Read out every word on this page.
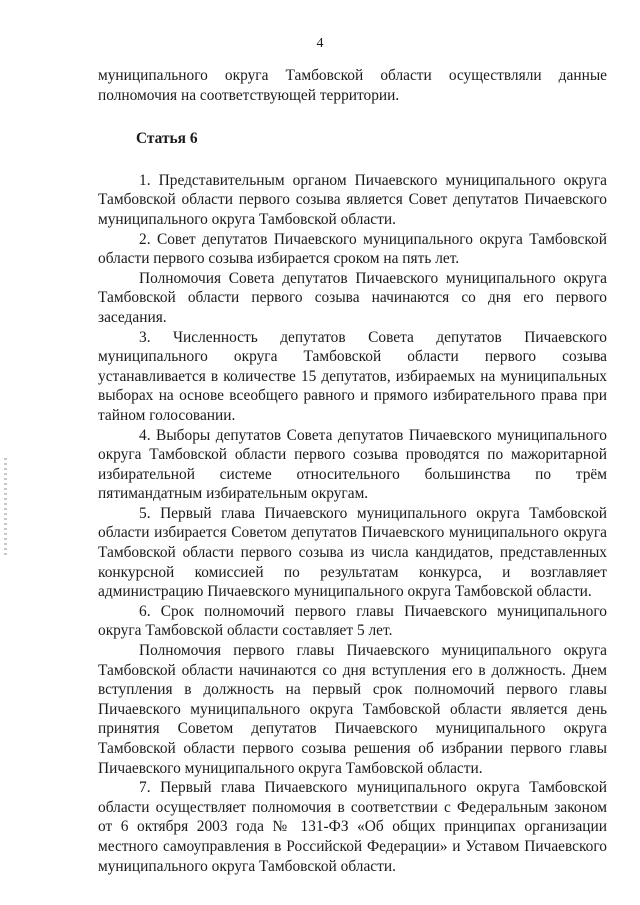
4

муниципального округа Тамбовской области осуществляли данные полномочия на соответствующей территории.

Статья 6

1. Представительным органом Пичаевского муниципального округа Тамбовской области первого созыва является Совет депутатов Пичаевского муниципального округа Тамбовской области.

2. Совет депутатов Пичаевского муниципального округа Тамбовской области первого созыва избирается сроком на пять лет.

Полномочия Совета депутатов Пичаевского муниципального округа Тамбовской области первого созыва начинаются со дня его первого заседания.

3. Численность депутатов Совета депутатов Пичаевского муниципального округа Тамбовской области первого созыва устанавливается в количестве 15 депутатов, избираемых на муниципальных выборах на основе всеобщего равного и прямого избирательного права при тайном голосовании.

4. Выборы депутатов Совета депутатов Пичаевского муниципального округа Тамбовской области первого созыва проводятся по мажоритарной избирательной системе относительного большинства по трём пятимандатным избирательным округам.

5. Первый глава Пичаевского муниципального округа Тамбовской области избирается Советом депутатов Пичаевского муниципального округа Тамбовской области первого созыва из числа кандидатов, представленных конкурсной комиссией по результатам конкурса, и возглавляет администрацию Пичаевского муниципального округа Тамбовской области.

6. Срок полномочий первого главы Пичаевского муниципального округа Тамбовской области составляет 5 лет.

Полномочия первого главы Пичаевского муниципального округа Тамбовской области начинаются со дня вступления его в должность. Днем вступления в должность на первый срок полномочий первого главы Пичаевского муниципального округа Тамбовской области является день принятия Советом депутатов Пичаевского муниципального округа Тамбовской области первого созыва решения об избрании первого главы Пичаевского муниципального округа Тамбовской области.

7. Первый глава Пичаевского муниципального округа Тамбовской области осуществляет полномочия в соответствии с Федеральным законом от 6 октября 2003 года № 131-ФЗ «Об общих принципах организации местного самоуправления в Российской Федерации» и Уставом Пичаевского муниципального округа Тамбовской области.
